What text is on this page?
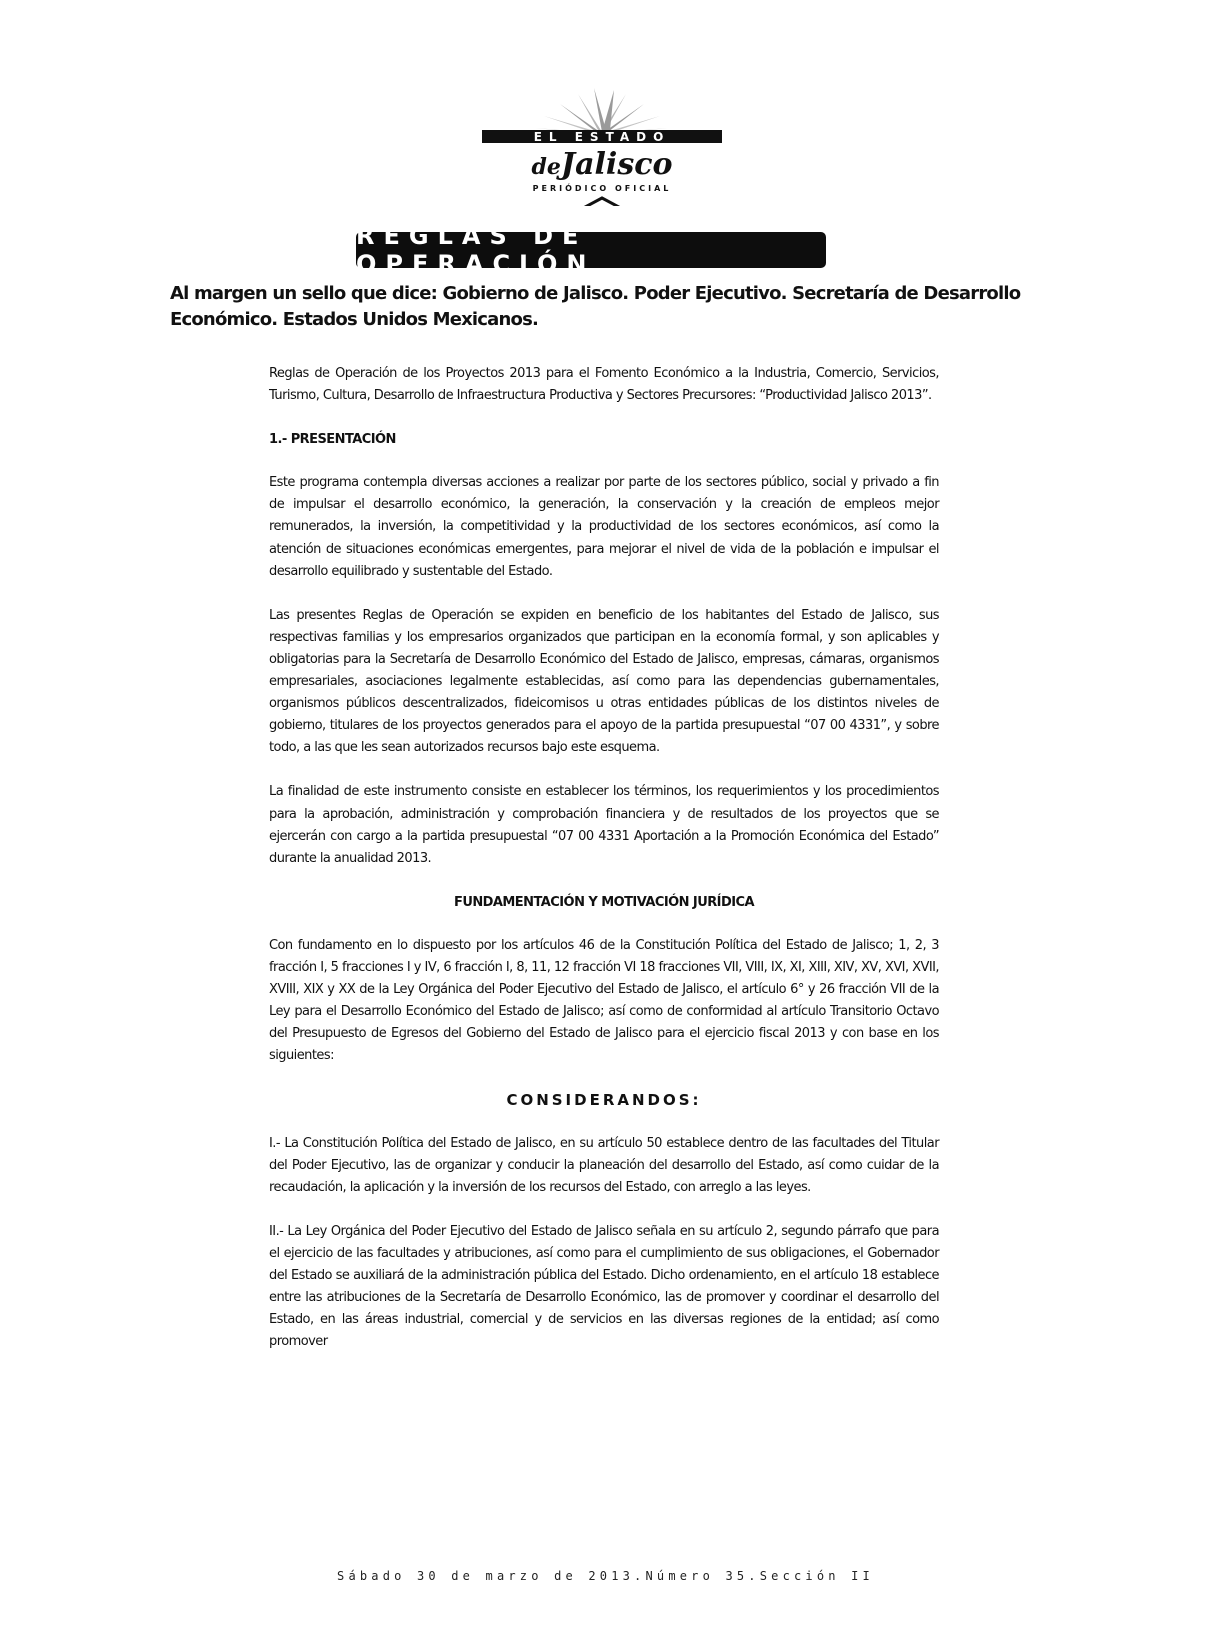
EL ESTADO
deJalisco
PERIÓDICO OFICIAL
REGLAS DE OPERACIÓN
Al margen un sello que dice: Gobierno de Jalisco. Poder Ejecutivo. Secretaría de Desarrollo Económico. Estados Unidos Mexicanos.

Reglas de Operación de los Proyectos 2013 para el Fomento Económico a la Industria, Comercio, Servicios, Turismo, Cultura, Desarrollo de Infraestructura Productiva y Sectores Precursores: “Productividad Jalisco 2013”.

1.- PRESENTACIÓN

Este programa contempla diversas acciones a realizar por parte de los sectores público, social y privado a fin de impulsar el desarrollo económico, la generación, la conservación y la creación de empleos mejor remunerados, la inversión, la competitividad y la productividad de los sectores económicos, así como la atención de situaciones económicas emergentes, para mejorar el nivel de vida de la población e impulsar el desarrollo equilibrado y sustentable del Estado.

Las presentes Reglas de Operación se expiden en beneficio de los habitantes del Estado de Jalisco, sus respectivas familias y los empresarios organizados que participan en la economía formal, y son aplicables y obligatorias para la Secretaría de Desarrollo Económico del Estado de Jalisco, empresas, cámaras, organismos empresariales, asociaciones legalmente establecidas, así como para las dependencias gubernamentales, organismos públicos descentralizados, fideicomisos u otras entidades públicas de los distintos niveles de gobierno, titulares de los proyectos generados para el apoyo de la partida presupuestal “07 00 4331”, y sobre todo, a las que les sean autorizados recursos bajo este esquema.

La finalidad de este instrumento consiste en establecer los términos, los requerimientos y los procedimientos para la aprobación, administración y comprobación financiera y de resultados de los proyectos que se ejercerán con cargo a la partida presupuestal “07 00 4331 Aportación a la Promoción Económica del Estado” durante la anualidad 2013.

FUNDAMENTACIÓN Y MOTIVACIÓN JURÍDICA

Con fundamento en lo dispuesto por los artículos 46 de la Constitución Política del Estado de Jalisco; 1, 2, 3 fracción I, 5 fracciones I y IV, 6 fracción I, 8, 11, 12 fracción VI 18 fracciones VII, VIII, IX, XI, XIII, XIV, XV, XVI, XVII, XVIII, XIX y XX de la Ley Orgánica del Poder Ejecutivo del Estado de Jalisco, el artículo 6° y 26 fracción VII de la Ley para el Desarrollo Económico del Estado de Jalisco; así como de conformidad al artículo Transitorio Octavo del Presupuesto de Egresos del Gobierno del Estado de Jalisco para el ejercicio fiscal 2013 y con base en los siguientes:

CONSIDERANDOS:

I.- La Constitución Política del Estado de Jalisco, en su artículo 50 establece dentro de las facultades del Titular del Poder Ejecutivo, las de organizar y conducir la planeación del desarrollo del Estado, así como cuidar de la recaudación, la aplicación y la inversión de los recursos del Estado, con arreglo a las leyes.

II.- La Ley Orgánica del Poder Ejecutivo del Estado de Jalisco señala en su artículo 2, segundo párrafo que para el ejercicio de las facultades y atribuciones, así como para el cumplimiento de sus obligaciones, el Gobernador del Estado se auxiliará de la administración pública del Estado. Dicho ordenamiento, en el artículo 18 establece entre las atribuciones de la Secretaría de Desarrollo Económico, las de promover y coordinar el desarrollo del Estado, en las áreas industrial, comercial y de servicios en las diversas regiones de la entidad; así como promover

Sábado 30 de marzo de 2013.Número 35.Sección II
